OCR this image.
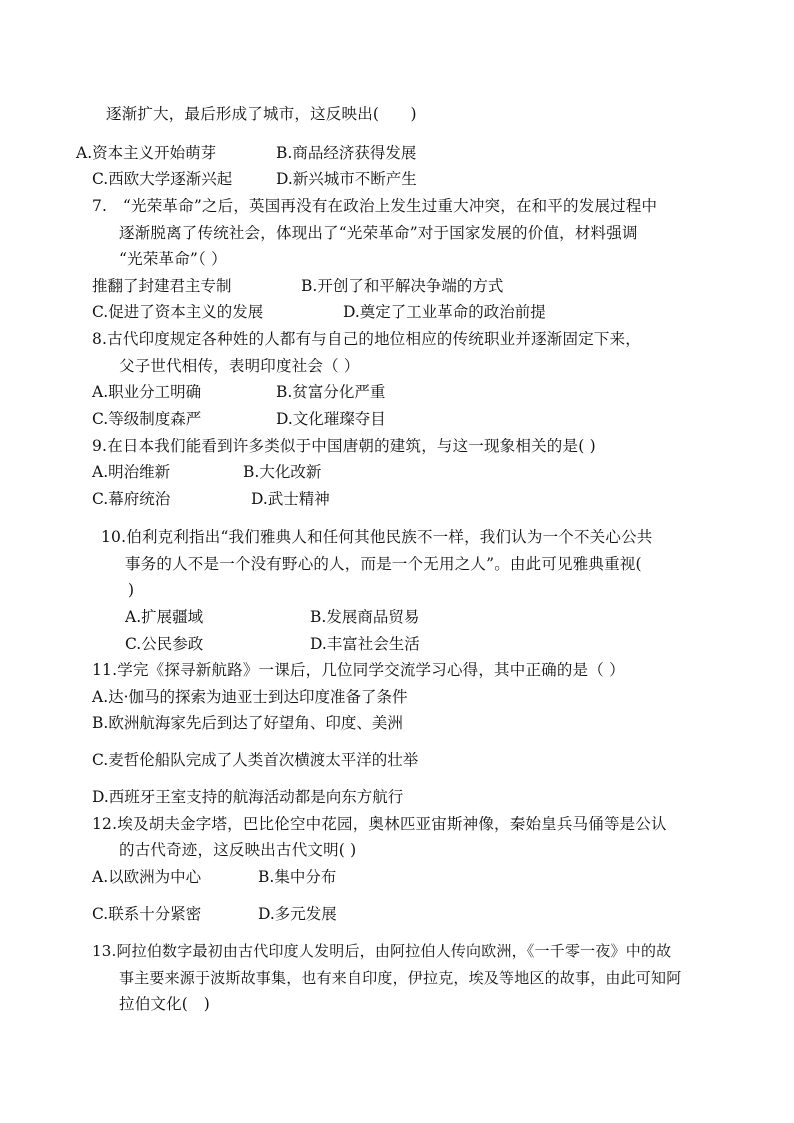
逐渐扩大，最后形成了城市，这反映出(　　)
A.资本主义开始萌芽	B.商品经济获得发展
C.西欧大学逐渐兴起	D.新兴城市不断产生
7.　“光荣革命”之后，英国再没有在政治上发生过重大冲突，在和平的发展过程中
逐渐脱离了传统社会，体现出了“光荣革命”对于国家发展的价值，材料强调
“光荣革命”（ ）
推翻了封建君主专制	B.开创了和平解决争端的方式
C.促进了资本主义的发展	D.奠定了工业革命的政治前提
8.古代印度规定各种姓的人都有与自己的地位相应的传统职业并逐渐固定下来，
父子世代相传，表明印度社会（ ）
A.职业分工明确	B.贫富分化严重
C.等级制度森严	D.文化璀璨夺目
9.在日本我们能看到许多类似于中国唐朝的建筑，与这一现象相关的是( )
A.明治维新	B.大化改新
C.幕府统治	D.武士精神
10.伯利克利指出“我们雅典人和任何其他民族不一样，我们认为一个不关心公共
事务的人不是一个没有野心的人，而是一个无用之人”。由此可见雅典重视(
)
A.扩展疆域	B.发展商品贸易
C.公民参政	D.丰富社会生活
11.学完《探寻新航路》一课后，几位同学交流学习心得，其中正确的是（ ）
A.达·伽马的探索为迪亚士到达印度准备了条件
B.欧洲航海家先后到达了好望角、印度、美洲
C.麦哲伦船队完成了人类首次横渡太平洋的壮举
D.西班牙王室支持的航海活动都是向东方航行
12.埃及胡夫金字塔，巴比伦空中花园，奥林匹亚宙斯神像，秦始皇兵马俑等是公认
的古代奇迹，这反映出古代文明( )
A.以欧洲为中心	B.集中分布
C.联系十分紧密	D.多元发展
13.阿拉伯数字最初由古代印度人发明后，由阿拉伯人传向欧洲，《一千零一夜》中的故
事主要来源于波斯故事集，也有来自印度，伊拉克，埃及等地区的故事，由此可知阿
拉伯文化(　)
